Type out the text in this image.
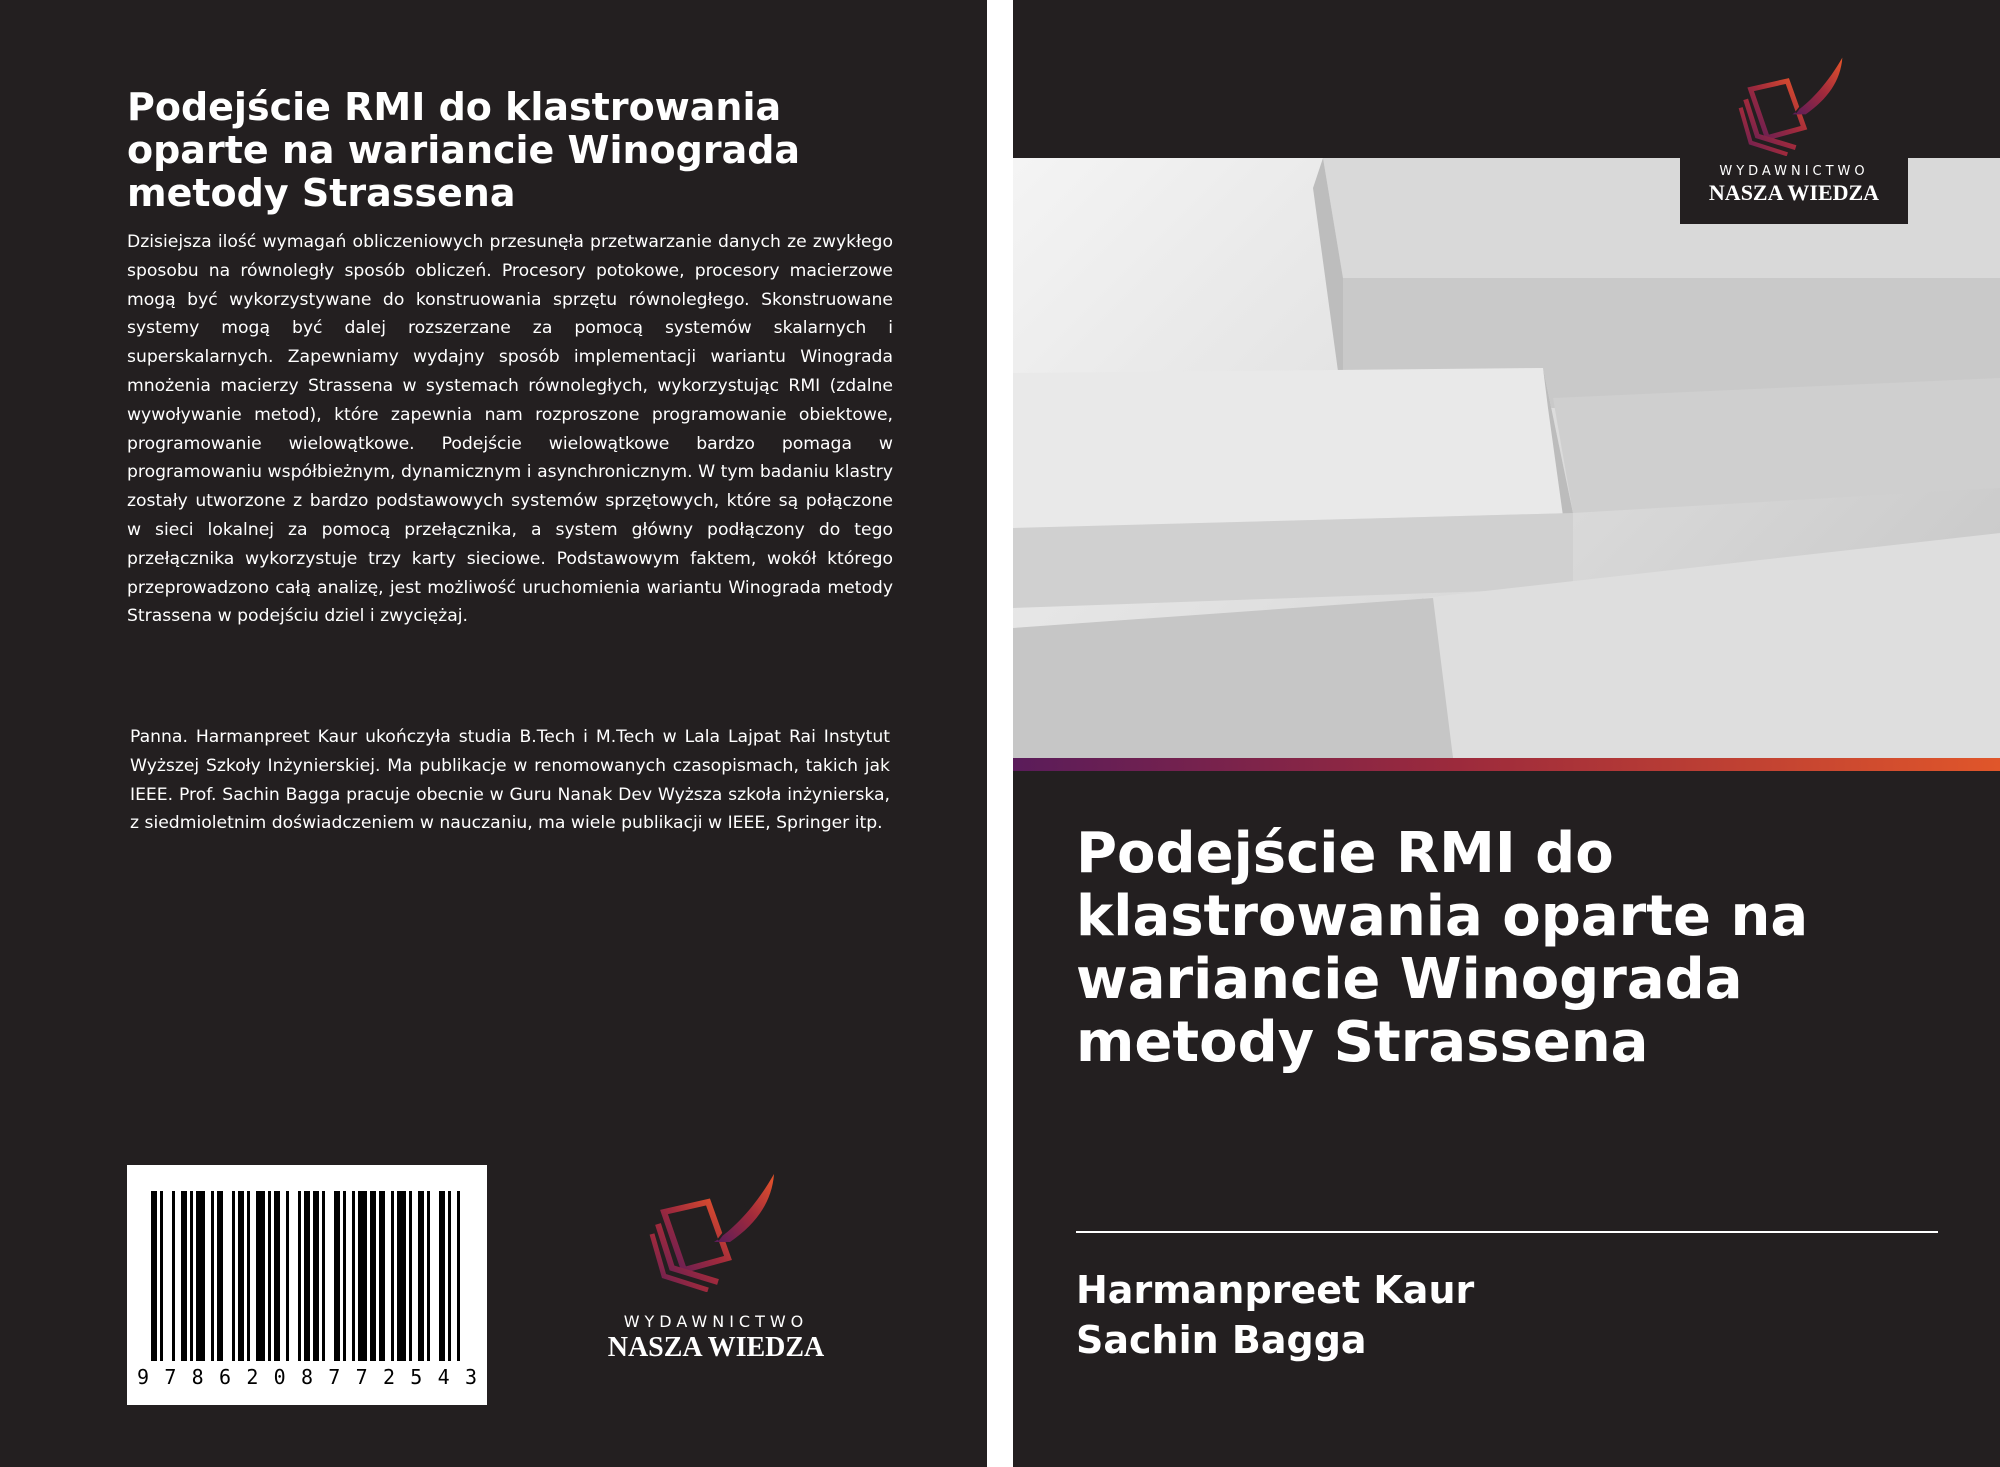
Podejście RMI do klastrowania oparte na wariancie Winograda metody Strassena

Dzisiejsza ilość wymagań obliczeniowych przesunęła przetwarzanie danych ze zwykłego sposobu na równoległy sposób obliczeń. Procesory potokowe, procesory macierzowe mogą być wykorzystywane do konstruowania sprzętu równoległego. Skonstruowane systemy mogą być dalej rozszerzane za pomocą systemów skalarnych i superskalarnych. Zapewniamy wydajny sposób implementacji wariantu Winograda mnożenia macierzy Strassena w systemach równoległych, wykorzystując RMI (zdalne wywoływanie metod), które zapewnia nam rozproszone programowanie obiektowe, programowanie wielowątkowe. Podejście wielowątkowe bardzo pomaga w programowaniu współbieżnym, dynamicznym i asynchronicznym. W tym badaniu klastry zostały utworzone z bardzo podstawowych systemów sprzętowych, które są połączone w sieci lokalnej za pomocą przełącznika, a system główny podłączony do tego przełącznika wykorzystuje trzy karty sieciowe. Podstawowym faktem, wokół którego przeprowadzono całą analizę, jest możliwość uruchomienia wariantu Winograda metody Strassena w podejściu dziel i zwyciężaj.

Panna. Harmanpreet Kaur ukończyła studia B.Tech i M.Tech w Lala Lajpat Rai Instytut Wyższej Szkoły Inżynierskiej. Ma publikacje w renomowanych czasopismach, takich jak IEEE. Prof. Sachin Bagga pracuje obecnie w Guru Nanak Dev Wyższa szkoła inżynierska, z siedmioletnim doświadczeniem w nauczaniu, ma wiele publikacji w IEEE, Springer itp.

9 7 8 6 2 0 8 7 7 2 5 4 3
WYDAWNICTWO
NASZA WIEDZA
WYDAWNICTWO
NASZA WIEDZA
Podejście RMI do klastrowania oparte na wariancie Winograda metody Strassena
Harmanpreet Kaur
Sachin Bagga
